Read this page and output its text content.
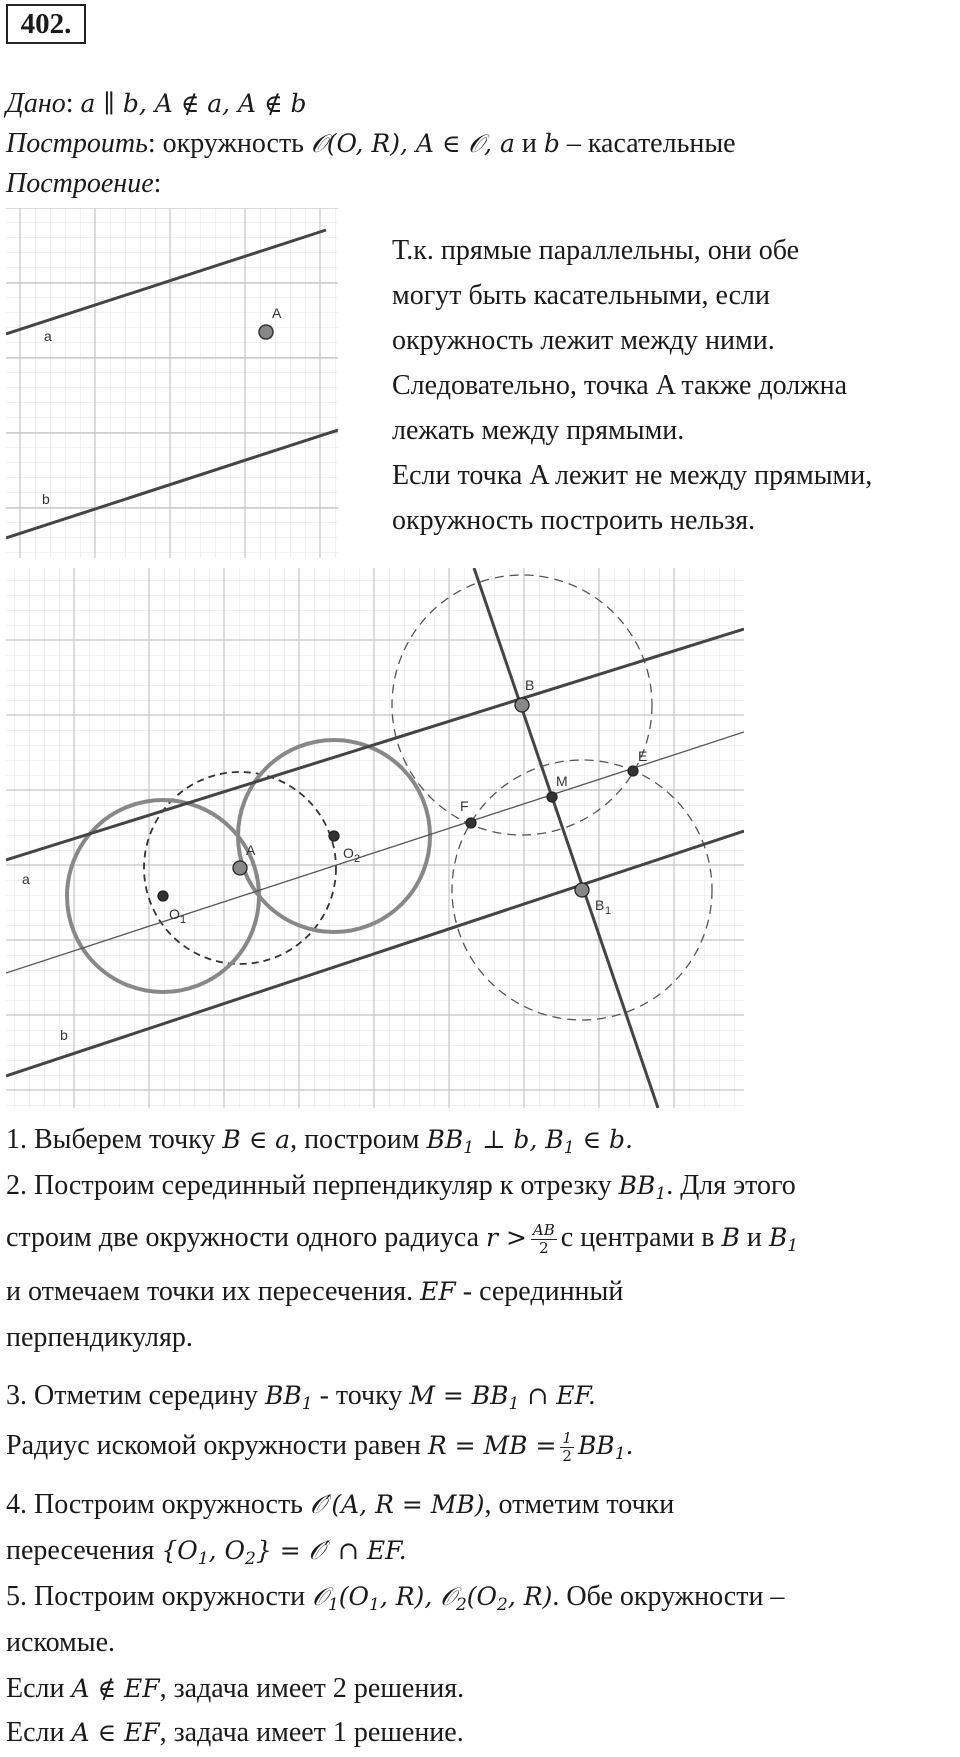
402.
Дано: a ∥ b, A ∉ a, A ∉ b
Построить: окружность 𝒪(O, R), A ∈ 𝒪, a и b – касательные
Построение:
a
b
A
Т.к. прямые параллельны, они обе
могут быть касательными, если
окружность лежит между ними.
Следовательно, точка A также должна
лежать между прямыми.
Если точка A лежит не между прямыми,
окружность построить нельзя.
a
b
A
B
B 1
M
E
F
O 1
O 2
1. Выберем точку B ∈ a, построим $BB_1$ ⊥ b, $B_1$ ∈ b.
2. Построим серединный перпендикуляр к отрезку $BB_1$. Для этого
строим две окружности одного радиуса $r > \frac{AB}{2}$ с центрами в B и $B_1$
и отмечаем точки их пересечения. EF - серединный
перпендикуляр.
3. Отметим середину $BB_1$ - точку $M = BB_1$ ∩ EF.
Радиус искомой окружности равен R = MB = $\frac{1}{2} BB_1$.
4. Построим окружность 𝒪′(A, R = MB), отметим точки
пересечения {$O_1$, $O_2$} = 𝒪′ ∩ EF.
5. Построим окружности $𝒪_1(O_1$, R), $𝒪_2(O_2$, R). Обе окружности –
искомые.
Если A ∉ EF, задача имеет 2 решения.
Если A ∈ EF, задача имеет 1 решение.
